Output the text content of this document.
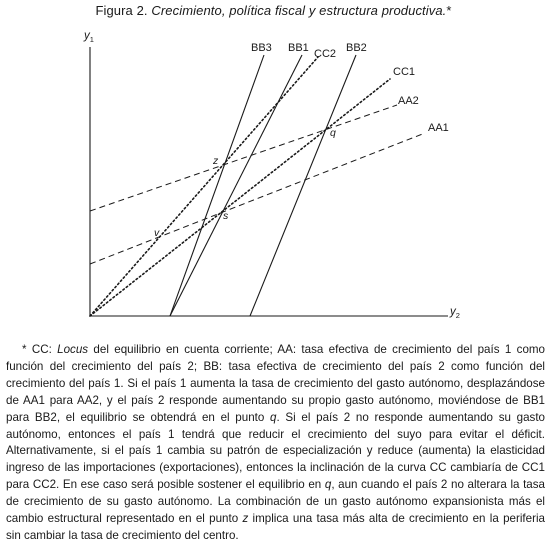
Figura 2. Crecimiento, política fiscal y estructura productiva.*
$y_1$
$y_2$
BB3 BB1 CC2 BB2
CC1
AA2
AA1
z
q
s
v
* CC: Locus del equilibrio en cuenta corriente; AA: tasa efectiva de crecimiento del país 1 como función del crecimiento del país 2; BB: tasa efectiva de crecimiento del país 2 como función del crecimiento del país 1. Si el país 1 aumenta la tasa de crecimiento del gasto autónomo, desplazándose de AA1 para AA2, y el país 2 responde aumentando su propio gasto autónomo, moviéndose de BB1 para BB2, el equilibrio se obtendrá en el punto q. Si el país 2 no responde aumentando su gasto autónomo, entonces el país 1 tendrá que reducir el crecimiento del suyo para evitar el déficit. Alternativamente, si el país 1 cambia su patrón de especialización y reduce (aumenta) la elasticidad ingreso de las importaciones (exportaciones), entonces la inclinación de la curva CC cambiaría de CC1 para CC2. En ese caso será posible sostener el equilibrio en q, aun cuando el país 2 no alterara la tasa de crecimiento de su gasto autónomo. La combinación de un gasto autónomo expansionista más el cambio estructural representado en el punto z implica una tasa más alta de crecimiento en la periferia sin cambiar la tasa de crecimiento del centro.
